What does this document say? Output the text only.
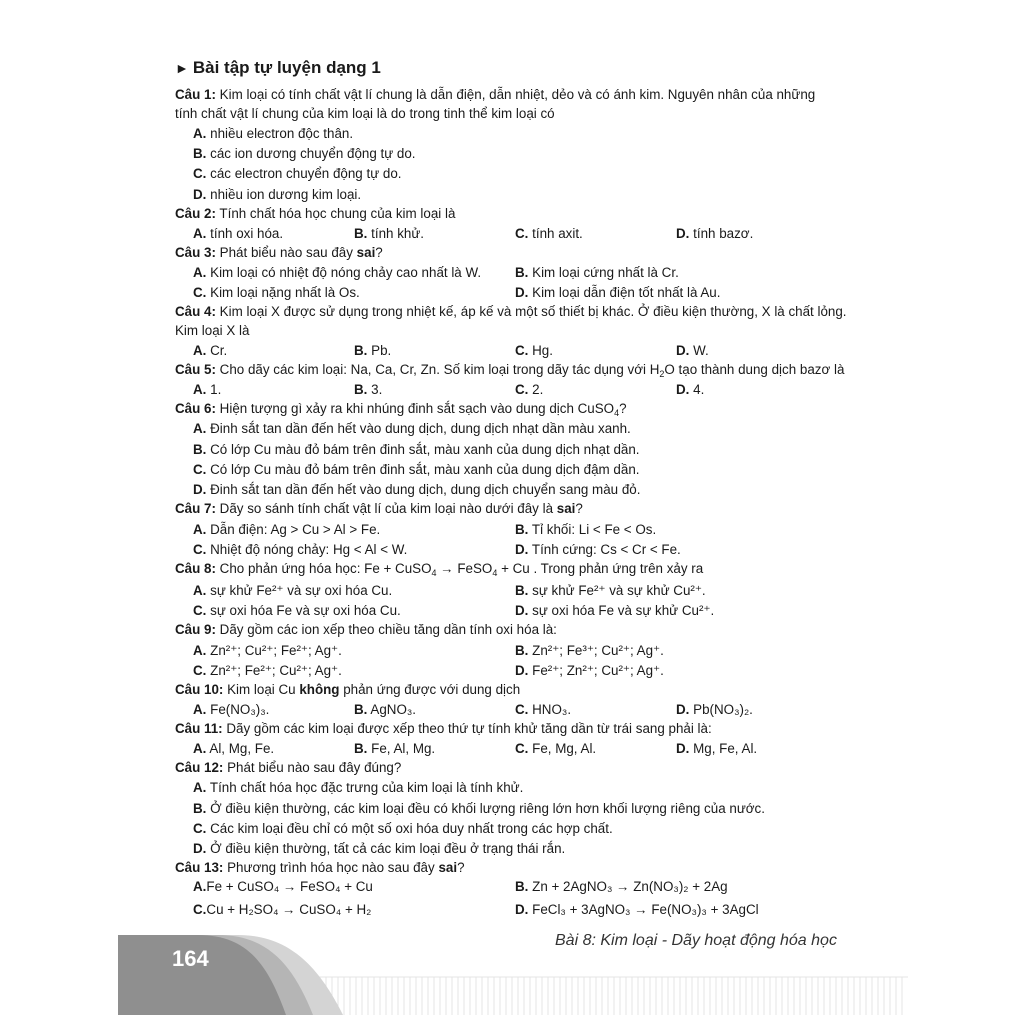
► Bài tập tự luyện dạng 1
Câu 1: Kim loại có tính chất vật lí chung là dẫn điện, dẫn nhiệt, dẻo và có ánh kim. Nguyên nhân của những
tính chất vật lí chung của kim loại là do trong tinh thể kim loại có
A. nhiều electron độc thân.
B. các ion dương chuyển động tự do.
C. các electron chuyển động tự do.
D. nhiều ion dương kim loại.
Câu 2: Tính chất hóa học chung của kim loại là
A. tính oxi hóa.	B. tính khử.	C. tính axit.	D. tính bazơ.
Câu 3: Phát biểu nào sau đây sai?
A. Kim loại có nhiệt độ nóng chảy cao nhất là W.	B. Kim loại cứng nhất là Cr.
C. Kim loại nặng nhất là Os.	D. Kim loại dẫn điện tốt nhất là Au.
Câu 4: Kim loại X được sử dụng trong nhiệt kế, áp kế và một số thiết bị khác. Ở điều kiện thường, X là chất lỏng.
Kim loại X là
A. Cr.	B. Pb.	C. Hg.	D. W.
Câu 5: Cho dãy các kim loại: Na, Ca, Cr, Zn. Số kim loại trong dãy tác dụng với $H_2O$ tạo thành dung dịch bazơ là
A. 1.	B. 3.	C. 2.	D. 4.
Câu 6: Hiện tượng gì xảy ra khi nhúng đinh sắt sạch vào dung dịch CuSO$_4$?
A. Đinh sắt tan dần đến hết vào dung dịch, dung dịch nhạt dần màu xanh.
B. Có lớp Cu màu đỏ bám trên đinh sắt, màu xanh của dung dịch nhạt dần.
C. Có lớp Cu màu đỏ bám trên đinh sắt, màu xanh của dung dịch đậm dần.
D. Đinh sắt tan dần đến hết vào dung dịch, dung dịch chuyển sang màu đỏ.
Câu 7: Dãy so sánh tính chất vật lí của kim loại nào dưới đây là sai?
A. Dẫn điện: Ag > Cu > Al > Fe.	B. Tỉ khối: Li < Fe < Os.
C. Nhiệt độ nóng chảy: Hg < Al < W.	D. Tính cứng: Cs < Cr < Fe.
Câu 8: Cho phản ứng hóa học: Fe + CuSO$_4$ → FeSO$_4$ + Cu . Trong phản ứng trên xảy ra
A. sự khử Fe²⁺ và sự oxi hóa Cu.	B. sự khử Fe²⁺ và sự khử Cu²⁺.
C. sự oxi hóa Fe và sự oxi hóa Cu.	D. sự oxi hóa Fe và sự khử Cu²⁺.
Câu 9: Dãy gồm các ion xếp theo chiều tăng dần tính oxi hóa là:
A. Zn²⁺; Cu²⁺; Fe²⁺; Ag⁺.	B. Zn²⁺; Fe³⁺; Cu²⁺; Ag⁺.
C. Zn²⁺; Fe²⁺; Cu²⁺; Ag⁺.	D. Fe²⁺; Zn²⁺; Cu²⁺; Ag⁺.
Câu 10: Kim loại Cu không phản ứng được với dung dịch
A. Fe(NO₃)₃.	B. AgNO₃.	C. HNO₃.	D. Pb(NO₃)₂.
Câu 11: Dãy gồm các kim loại được xếp theo thứ tự tính khử tăng dần từ trái sang phải là:
A. Al, Mg, Fe.	B. Fe, Al, Mg.	C. Fe, Mg, Al.	D. Mg, Fe, Al.
Câu 12: Phát biểu nào sau đây đúng?
A. Tính chất hóa học đặc trưng của kim loại là tính khử.
B. Ở điều kiện thường, các kim loại đều có khối lượng riêng lớn hơn khối lượng riêng của nước.
C. Các kim loại đều chỉ có một số oxi hóa duy nhất trong các hợp chất.
D. Ở điều kiện thường, tất cả các kim loại đều ở trạng thái rắn.
Câu 13: Phương trình hóa học nào sau đây sai?
A.Fe + CuSO₄ → FeSO₄ + Cu	B. Zn + 2AgNO₃ → Zn(NO₃)₂ + 2Ag
C.Cu + H₂SO₄ → CuSO₄ + H₂	D. FeCl₃ + 3AgNO₃ → Fe(NO₃)₃ + 3AgCl
164
Bài 8: Kim loại - Dãy hoạt động hóa học
